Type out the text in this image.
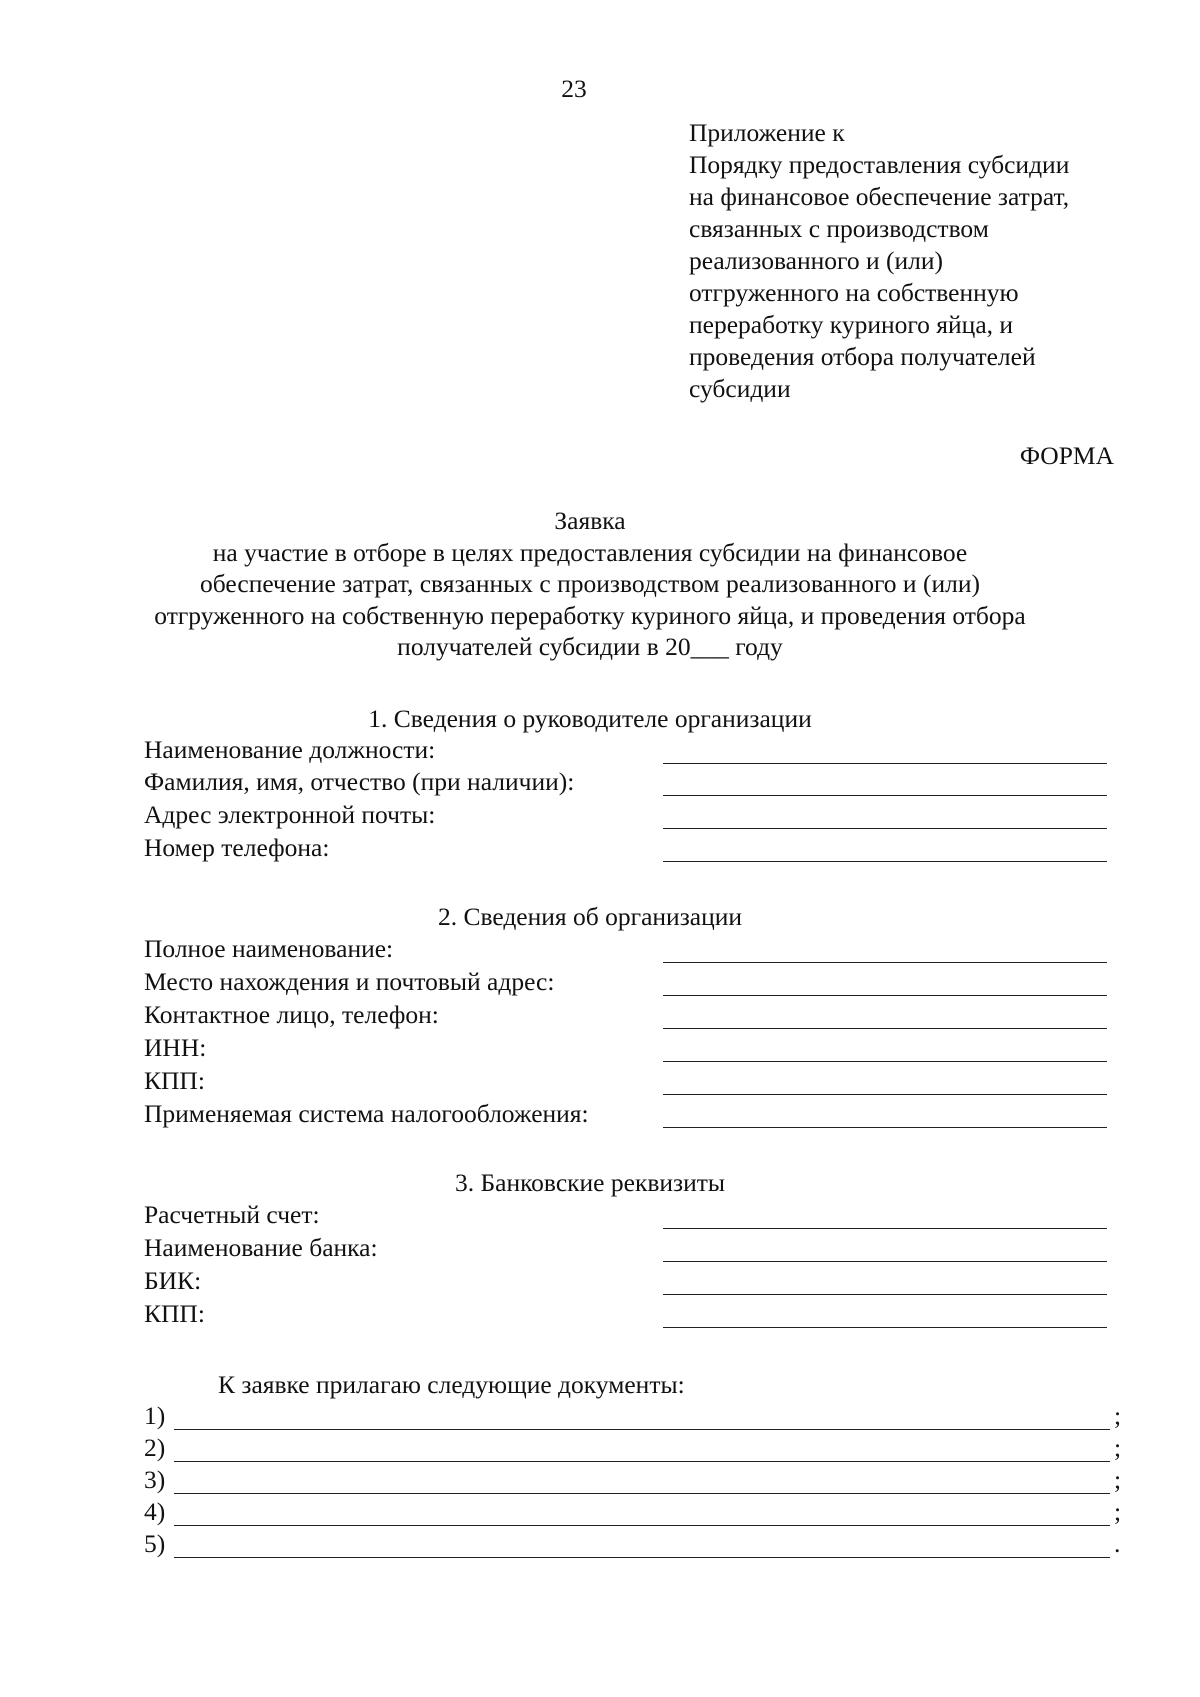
23
Приложение к
Порядку предоставления субсидии
на финансовое обеспечение затрат,
связанных с производством
реализованного и (или)
отгруженного на собственную
переработку куриного яйца, и
проведения отбора получателей
субсидии
ФОРМА
Заявка
на участие в отборе в целях предоставления субсидии на финансовое
обеспечение затрат, связанных с производством реализованного и (или)
отгруженного на собственную переработку куриного яйца, и проведения отбора
получателей субсидии в 20___ году
1. Сведения о руководителе организации
Наименование должности:
Фамилия, имя, отчество (при наличии):
Адрес электронной почты:
Номер телефона:
2. Сведения об организации
Полное наименование:
Место нахождения и почтовый адрес:
Контактное лицо, телефон:
ИНН:
КПП:
Применяемая система налогообложения:
3. Банковские реквизиты
Расчетный счет:
Наименование банка:
БИК:
КПП:
К заявке прилагаю следующие документы:
1)	;
2)	;
3)	;
4)	;
5)	.
